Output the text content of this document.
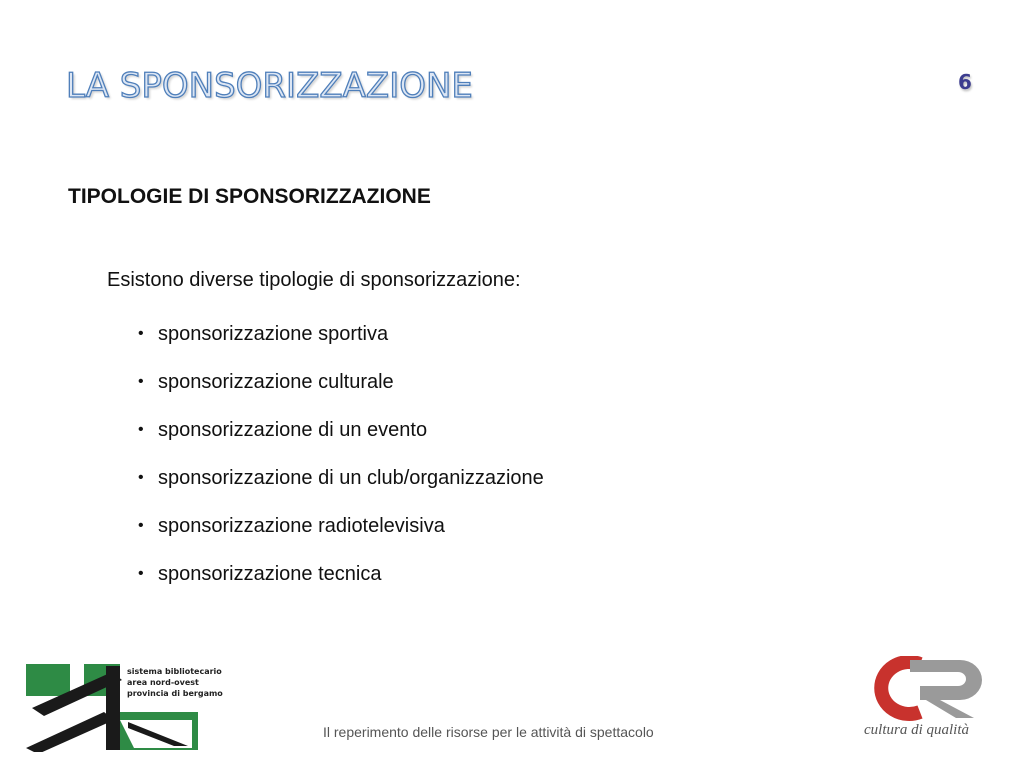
LA SPONSORIZZAZIONE	6
TIPOLOGIE DI SPONSORIZZAZIONE
Esistono diverse tipologie di sponsorizzazione:
• sponsorizzazione sportiva
• sponsorizzazione culturale
• sponsorizzazione di un evento
• sponsorizzazione di un club/organizzazione
• sponsorizzazione radiotelevisiva
• sponsorizzazione tecnica
sistema bibliotecario
area nord-ovest
provincia di bergamo
Il reperimento delle risorse per le attività di spettacolo	cultura di qualità
